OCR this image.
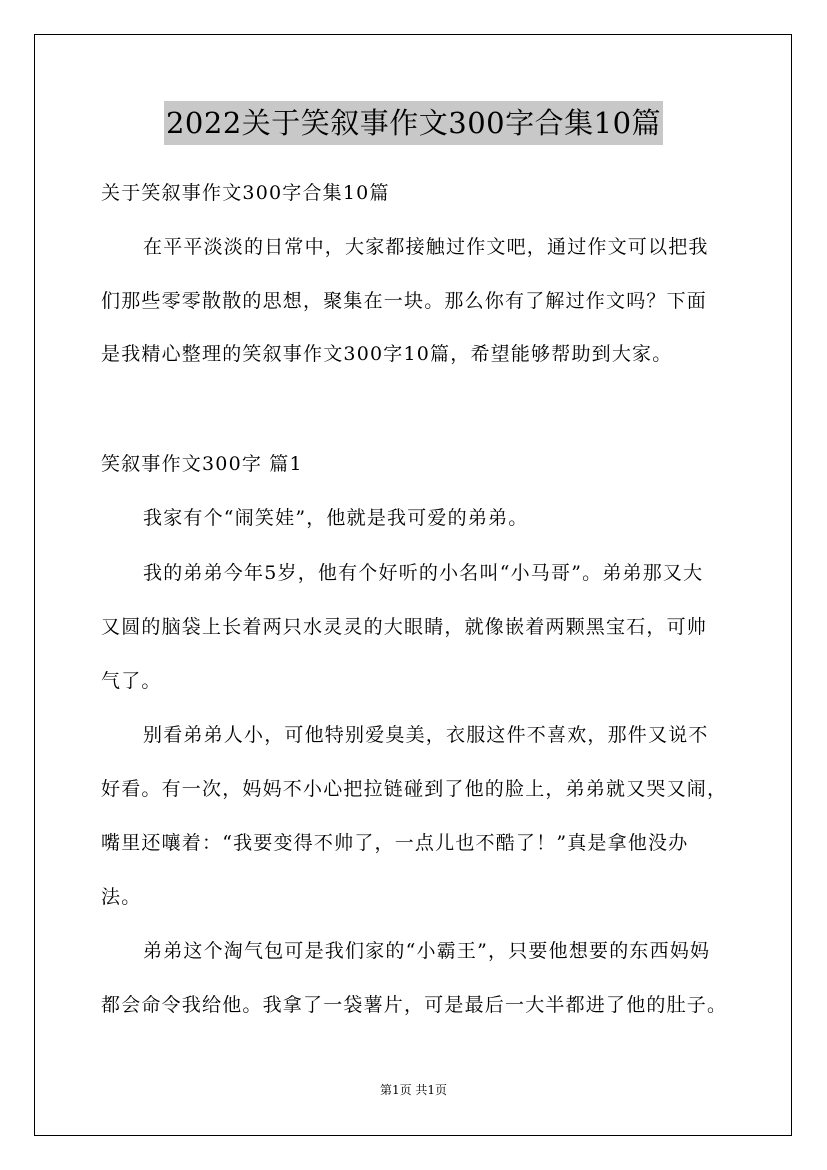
2022关于笑叙事作文300字合集10篇
关于笑叙事作文300字合集10篇
在平平淡淡的日常中，大家都接触过作文吧，通过作文可以把我
们那些零零散散的思想，聚集在一块。那么你有了解过作文吗？下面
是我精心整理的笑叙事作文300字10篇，希望能够帮助到大家。
笑叙事作文300字 篇1
我家有个“闹笑娃”，他就是我可爱的弟弟。
我的弟弟今年5岁，他有个好听的小名叫“小马哥”。弟弟那又大
又圆的脑袋上长着两只水灵灵的大眼睛，就像嵌着两颗黑宝石，可帅
气了。
别看弟弟人小，可他特别爱臭美，衣服这件不喜欢，那件又说不
好看。有一次，妈妈不小心把拉链碰到了他的脸上，弟弟就又哭又闹，
嘴里还嚷着：“我要变得不帅了，一点儿也不酷了！”真是拿他没办
法。
弟弟这个淘气包可是我们家的“小霸王”，只要他想要的东西妈妈
都会命令我给他。我拿了一袋薯片，可是最后一大半都进了他的肚子。
第1页 共1页
